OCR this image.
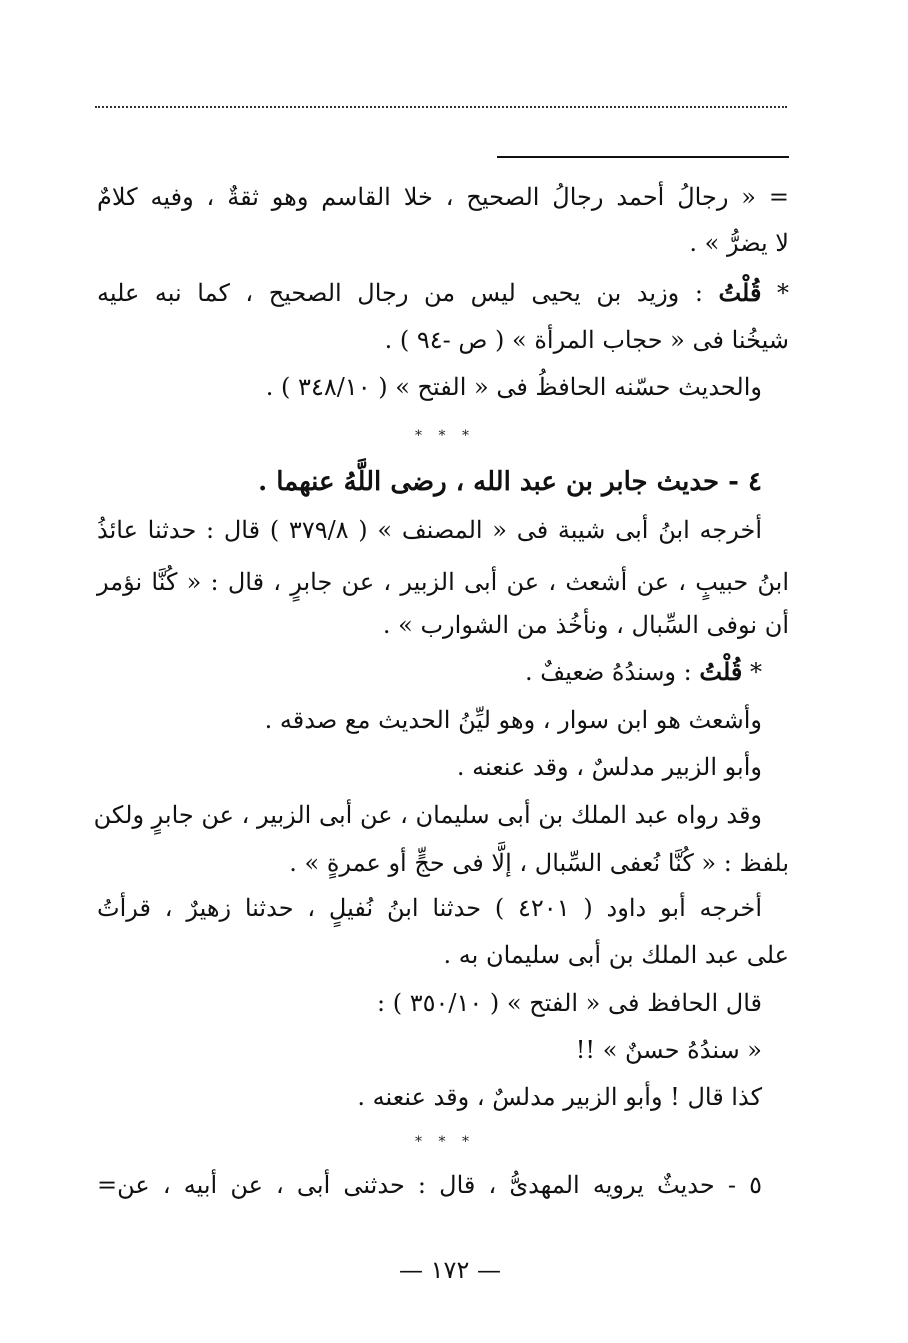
= « رجالُ أحمد رجالُ الصحيح ، خلا القاسم وهو ثقةٌ ، وفيه كلامٌ
لا يضرُّ » .
* قُلْتُ : وزيد بن يحيى ليس من رجال الصحيح ، كما نبه عليه
شيخُنا فى « حجاب المرأة » ( ص -٩٤ ) .
والحديث حسّنه الحافظُ فى « الفتح » ( ٣٤٨/١٠ ) .
* * *
٤ - حديث جابر بن عبد الله ، رضى اللَّهُ عنهما .
أخرجه ابنُ أبى شيبة فى « المصنف » ( ٣٧٩/٨ ) قال : حدثنا عائذُ
ابنُ حبيبٍ ، عن أشعث ، عن أبى الزبير ، عن جابرٍ ، قال : « كُنَّا نؤمر
أن نوفى السِّبال ، ونأخُذ من الشوارب » .
* قُلْتُ : وسندُهُ ضعيفٌ .
وأشعث هو ابن سوار ، وهو ليِّنُ الحديث مع صدقه .
وأبو الزبير مدلسٌ ، وقد عنعنه .
وقد رواه عبد الملك بن أبى سليمان ، عن أبى الزبير ، عن جابرٍ ولكن
بلفظ : « كُنَّا نُعفى السِّبال ، إلَّا فى حجٍّ أو عمرةٍ » .
أخرجه أبو داود ( ٤٢٠١ ) حدثنا ابنُ نُفيلٍ ، حدثنا زهيرٌ ، قرأتُ
على عبد الملك بن أبى سليمان به .
قال الحافظ فى « الفتح » ( ٣٥٠/١٠ ) :
« سندُهُ حسنٌ » !!
كذا قال ! وأبو الزبير مدلسٌ ، وقد عنعنه .
* * *
٥ - حديثٌ يرويه المهدىُّ ، قال : حدثنى أبى ، عن أبيه ، عن=
— ١٧٢ —
